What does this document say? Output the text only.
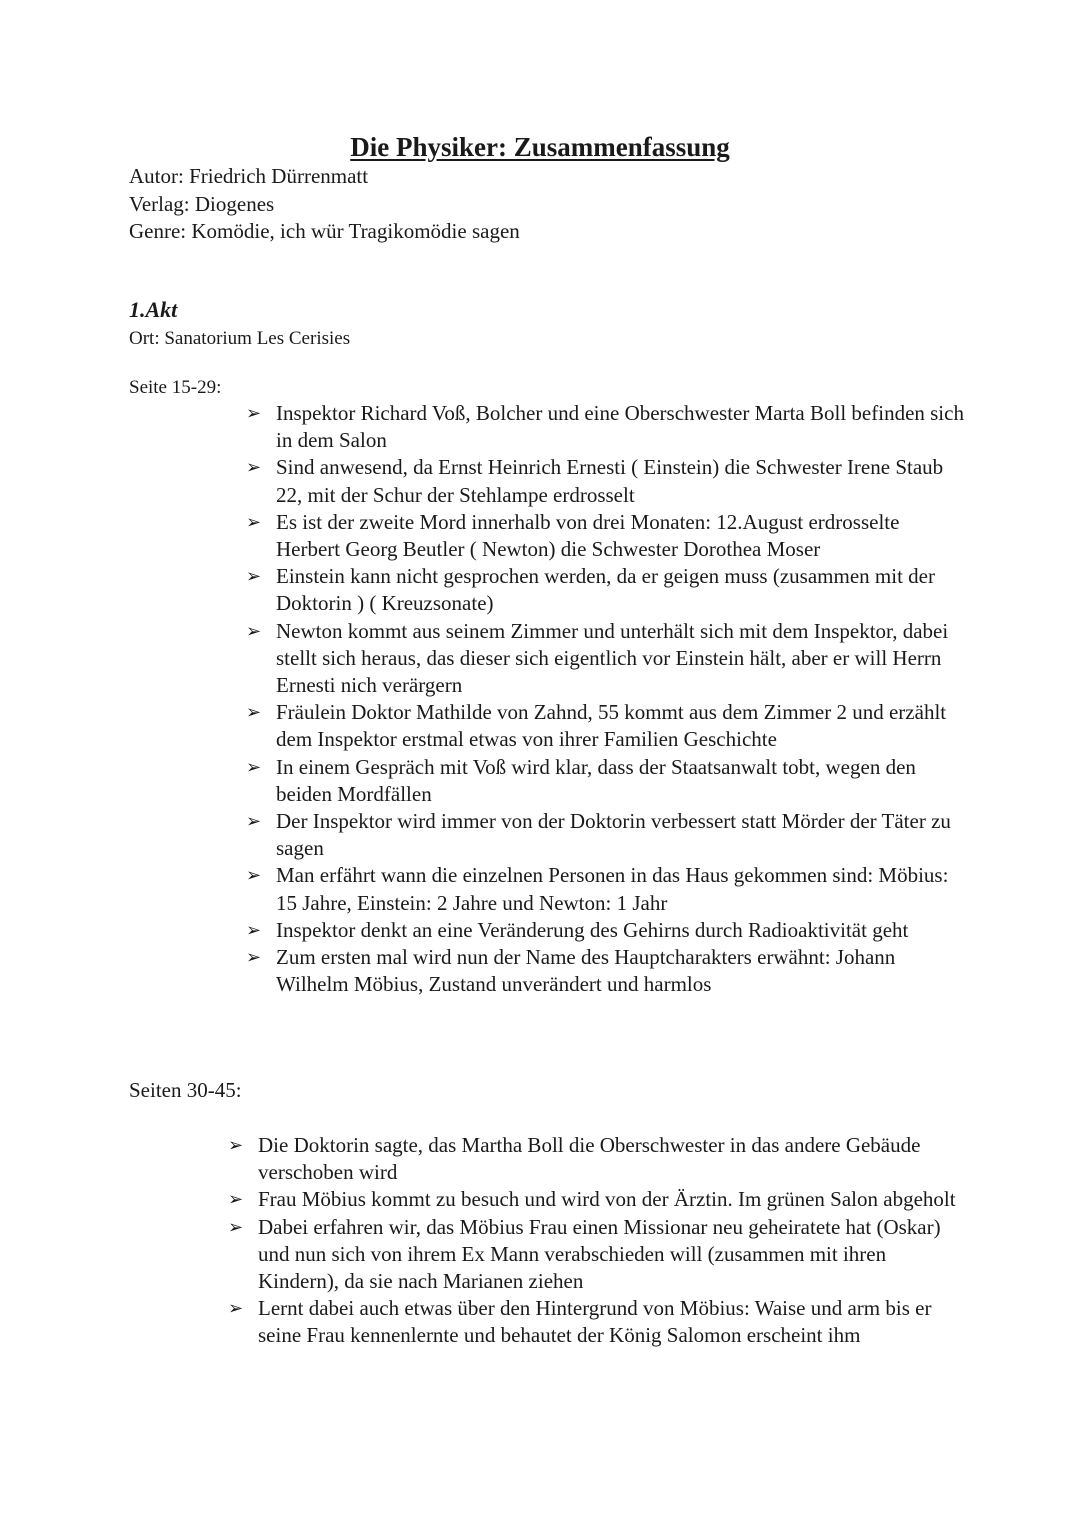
Die Physiker: Zusammenfassung
Autor: Friedrich Dürrenmatt
Verlag: Diogenes
Genre: Komödie, ich wür Tragikomödie sagen
1.Akt
Ort: Sanatorium Les Cerisies
Seite 15-29:
➢ Inspektor Richard Voß, Bolcher und eine Oberschwester Marta Boll befinden sich in dem Salon
➢ Sind anwesend, da Ernst Heinrich Ernesti ( Einstein) die Schwester Irene Staub 22, mit der Schur der Stehlampe erdrosselt
➢ Es ist der zweite Mord innerhalb von drei Monaten: 12.August erdrosselte Herbert Georg Beutler ( Newton) die Schwester Dorothea Moser
➢ Einstein kann nicht gesprochen werden, da er geigen muss (zusammen mit der Doktorin ) ( Kreuzsonate)
➢ Newton kommt aus seinem Zimmer und unterhält sich mit dem Inspektor, dabei stellt sich heraus, das dieser sich eigentlich vor Einstein hält, aber er will Herrn Ernesti nich verärgern
➢ Fräulein Doktor Mathilde von Zahnd, 55 kommt aus dem Zimmer 2 und erzählt dem Inspektor erstmal etwas von ihrer Familien Geschichte
➢ In einem Gespräch mit Voß wird klar, dass der Staatsanwalt tobt, wegen den beiden Mordfällen
➢ Der Inspektor wird immer von der Doktorin verbessert statt Mörder der Täter zu sagen
➢ Man erfährt wann die einzelnen Personen in das Haus gekommen sind: Möbius: 15 Jahre, Einstein: 2 Jahre und Newton: 1 Jahr
➢ Inspektor denkt an eine Veränderung des Gehirns durch Radioaktivität geht
➢ Zum ersten mal wird nun der Name des Hauptcharakters erwähnt: Johann Wilhelm Möbius, Zustand unverändert und harmlos
Seiten 30-45:
➢ Die Doktorin sagte, das Martha Boll die Oberschwester in das andere Gebäude verschoben wird
➢ Frau Möbius kommt zu besuch und wird von der Ärztin. Im grünen Salon abgeholt
➢ Dabei erfahren wir, das Möbius Frau einen Missionar neu geheiratete hat (Oskar) und nun sich von ihrem Ex Mann verabschieden will (zusammen mit ihren Kindern), da sie nach Marianen ziehen
➢ Lernt dabei auch etwas über den Hintergrund von Möbius: Waise und arm bis er seine Frau kennenlernte und behautet der König Salomon erscheint ihm
